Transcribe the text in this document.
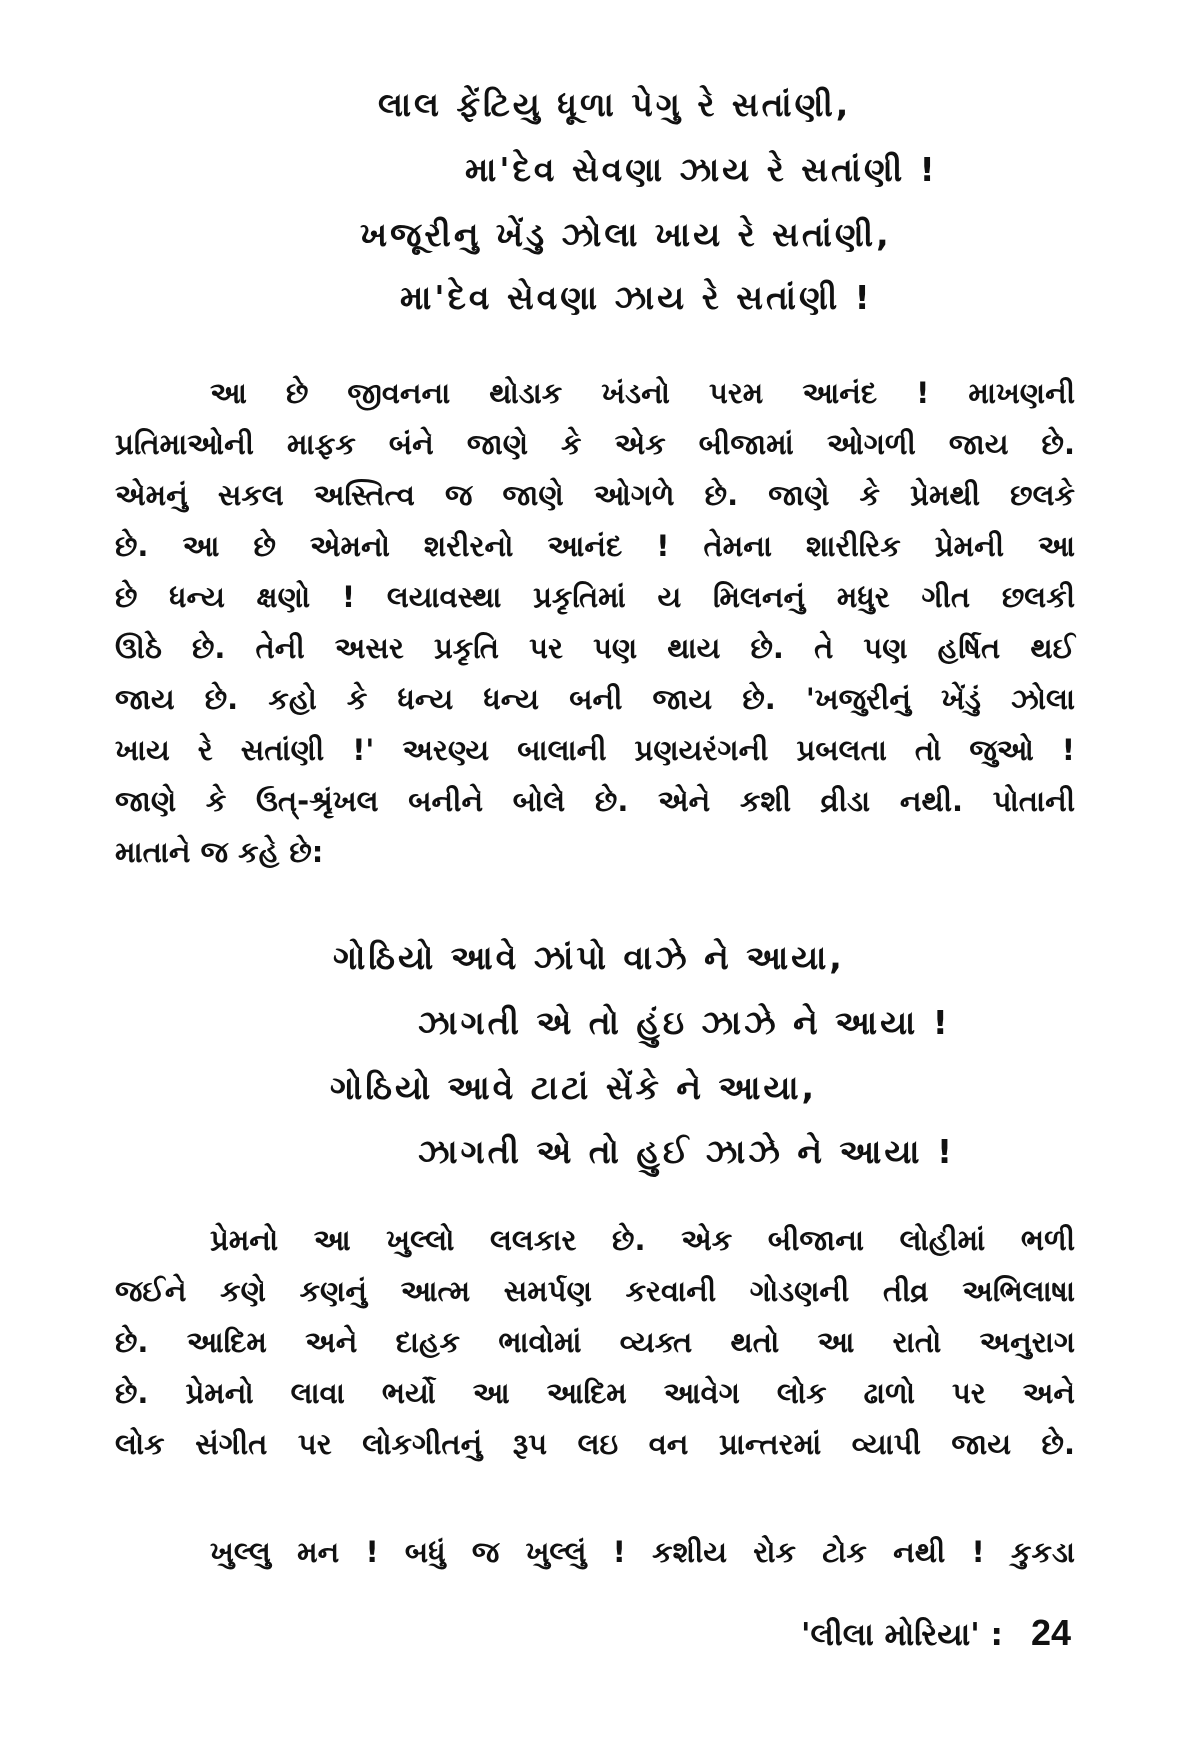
લાલ ફેંટિયુ ધૂળા પેગુ રે સતાંણી,
મા'દેવ સેવણા ઝાય રે સતાંણી !
ખજૂરીનુ ખેંડુ ઝોલા ખાય રે સતાંણી,
મા'દેવ સેવણા ઝાય રે સતાંણી !
આ છે જીવનના થોડાક ખંડનો પરમ આનંદ ! માખણની
પ્રતિમાઓની માફક બંને જાણે કે એક બીજામાં ઓગળી જાય છે.
એમનું સકલ અસ્તિત્વ જ જાણે ઓગળે છે. જાણે કે પ્રેમથી છલકે
છે. આ છે એમનો શરીરનો આનંદ ! તેમના શારીરિક પ્રેમની આ
છે ધન્ય ક્ષણો ! લયાવસ્થા પ્રકૃતિમાં ય મિલનનું મધુર ગીત છલકી
ઊઠે છે. તેની અસર પ્રકૃતિ પર પણ થાય છે. તે પણ હર્ષિત થઈ
જાય છે. કહો કે ધન્ય ધન્ય બની જાય છે. 'ખજુરીનું ખેંડું ઝોલા
ખાય રે સતાંણી !' અરણ્ય બાલાની પ્રણયરંગની પ્રબલતા તો જુઓ !
જાણે કે ઉત્-શ્રૃંખલ બનીને બોલે છે. એને કશી વ્રીડા નથી. પોતાની
માતાને જ કહે છે:
ગોઠિયો આવે ઝાંપો વાઝે ને આયા,
ઝાગતી એ તો હુંઇ ઝાઝે ને આયા !
ગોઠિયો આવે ટાટાં સેંકે ને આયા,
ઝાગતી એ તો હુઈ ઝાઝે ને આયા !
પ્રેમનો આ ખુલ્લો લલકાર છે. એક બીજાના લોહીમાં ભળી
જઈને કણે કણનું આત્મ સમર્પણ કરવાની ગોડણની તીવ્ર અભિલાષા
છે. આદિમ અને દાહક ભાવોમાં વ્યક્ત થતો આ રાતો અનુરાગ
છે. પ્રેમનો લાવા ભર્યો આ આદિમ આવેગ લોક ઢાળો પર અને
લોક સંગીત પર લોકગીતનું રૂપ લઇ વન પ્રાન્તરમાં વ્યાપી જાય છે.
ખુલ્લુ મન ! બધું જ ખુલ્લું ! કશીય રોક ટોક નથી ! કુકડા
'લીલા મોરિયા' : 24
